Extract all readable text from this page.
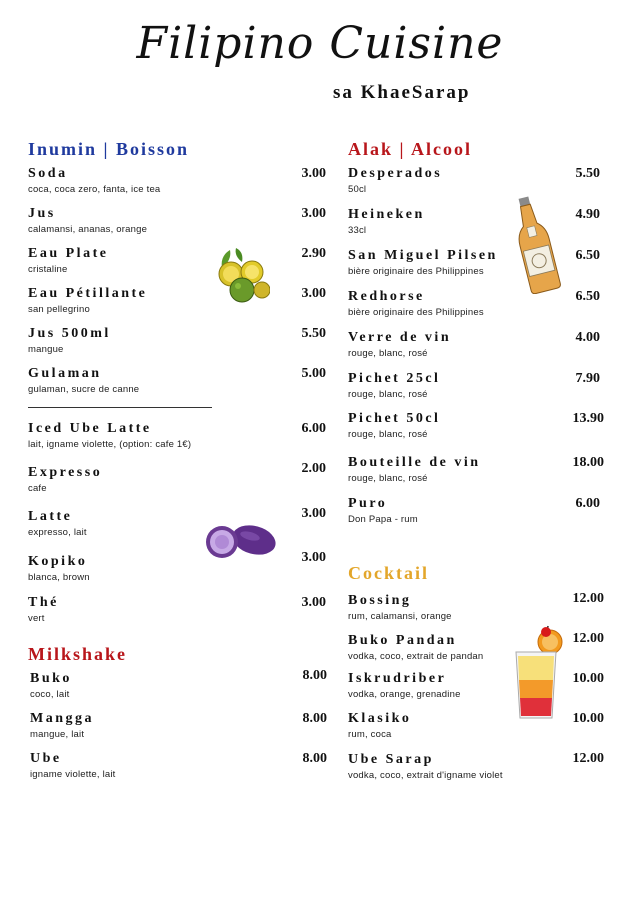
Filipino Cuisine
sa KhaeSarap
Inumin | Boisson
Milkshake
Alak | Alcool
Cocktail
Soda
coca, coca zero, fanta, ice tea
3.00
Jus
calamansi, ananas, orange
3.00
Eau Plate
cristaline
2.90
Eau Pétillante
san pellegrino
3.00
Jus 500ml
mangue
5.50
Gulaman
gulaman, sucre de canne
5.00
Iced Ube Latte
lait, igname violette, (option: cafe 1€)
6.00
Expresso
cafe
2.00
Latte
expresso, lait
3.00
Kopiko
blanca, brown
3.00
Thé
vert
3.00
Buko
coco, lait
8.00
Mangga
mangue, lait
8.00
Ube
igname violette, lait
8.00
Desperados
50cl
5.50
Heineken
33cl
4.90
San Miguel Pilsen
bière originaire des Philippines
6.50
Redhorse
bière originaire des Philippines
6.50
Verre de vin
rouge, blanc, rosé
4.00
Pichet 25cl
rouge, blanc, rosé
7.90
Pichet 50cl
rouge, blanc, rosé
13.90
Bouteille de vin
rouge, blanc, rosé
18.00
Puro
Don Papa - rum
6.00
Bossing
rum, calamansi, orange
12.00
Buko Pandan
vodka, coco, extrait de pandan
12.00
Iskrudriber
vodka, orange, grenadine
10.00
Klasiko
rum, coca
10.00
Ube Sarap
vodka, coco, extrait d'igname violet
12.00
